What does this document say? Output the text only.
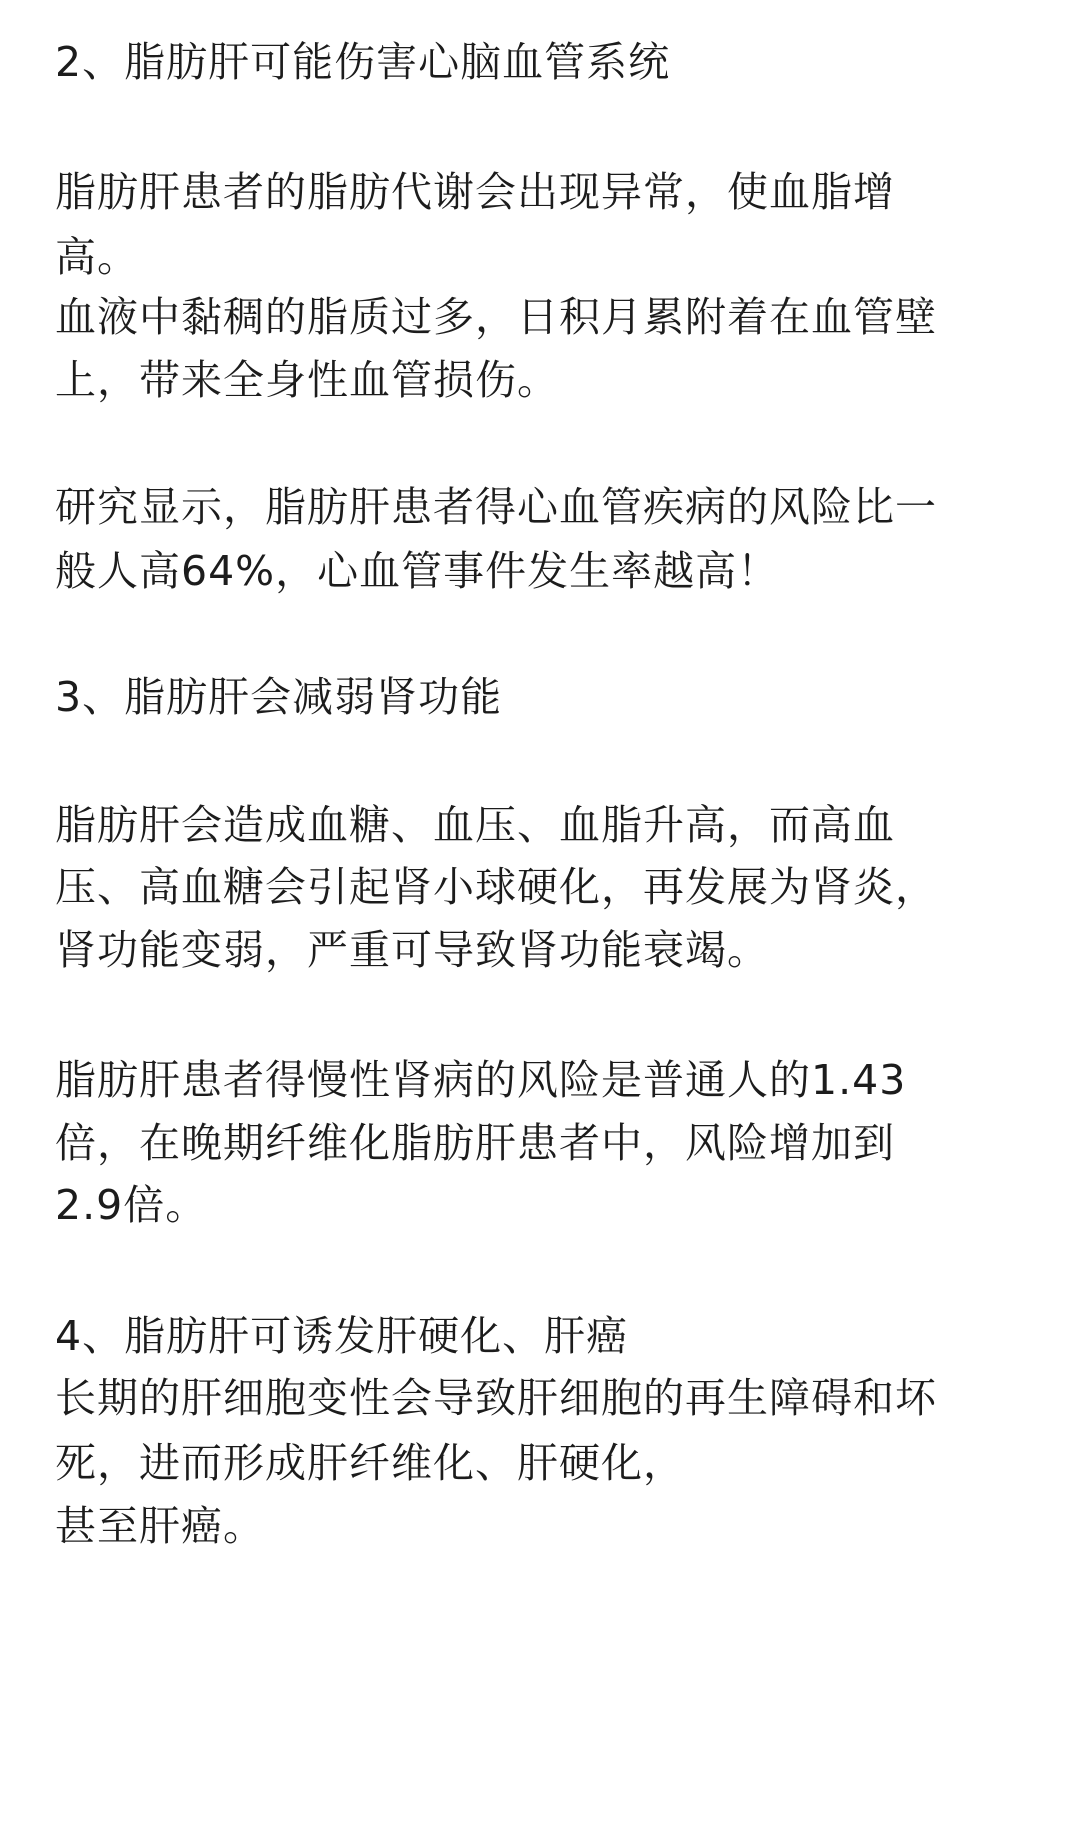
2、脂肪肝可能伤害心脑血管系统
脂肪肝患者的脂肪代谢会出现异常，使血脂增
高。
血液中黏稠的脂质过多，日积月累附着在血管壁
上，带来全身性血管损伤。
研究显示，脂肪肝患者得心血管疾病的风险比一
般人高64%，心血管事件发生率越高！
3、脂肪肝会减弱肾功能
脂肪肝会造成血糖、血压、血脂升高，而高血
压、高血糖会引起肾小球硬化，再发展为肾炎，
肾功能变弱，严重可导致肾功能衰竭。
脂肪肝患者得慢性肾病的风险是普通人的1.43
倍，在晚期纤维化脂肪肝患者中，风险增加到
2.9倍。
4、脂肪肝可诱发肝硬化、肝癌
长期的肝细胞变性会导致肝细胞的再生障碍和坏
死，进而形成肝纤维化、肝硬化，
甚至肝癌。
